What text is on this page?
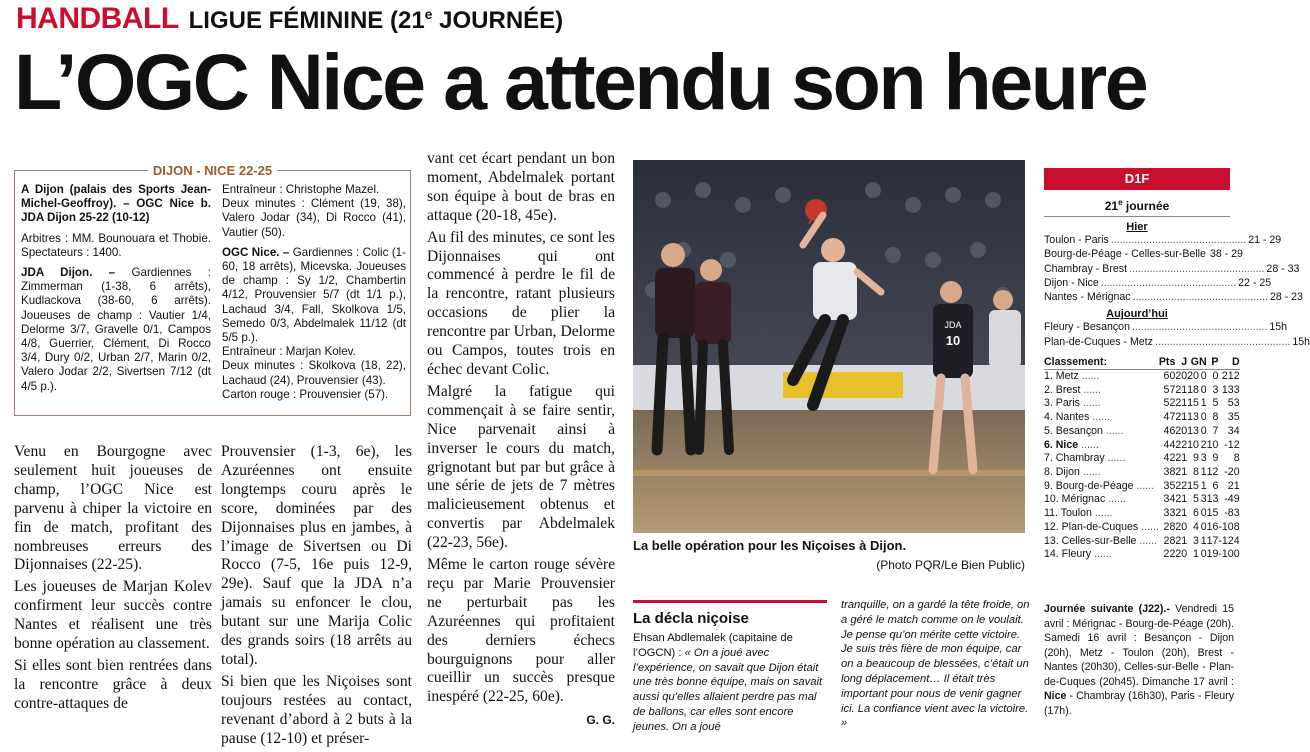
HANDBALL LIGUE FÉMININE (21e JOURNÉE)
L’OGC Nice a attendu son heure
DIJON - NICE 22-25

A Dijon (palais des Sports Jean-Michel-Geoffroy). – OGC Nice b. JDA Dijon 25-22 (10-12)

Arbitres : MM. Bounouara et Thobie. Spectateurs : 1400.

JDA Dijon. – Gardiennes : Zimmerman (1-38, 6 arrêts), Kudlackova (38-60, 6 arrêts). Joueuses de champ : Vautier 1/4, Delorme 3/7, Gravelle 0/1, Campos 4/8, Guerrier, Clément, Di Rocco 3/4, Dury 0/2, Urban 2/7, Marin 0/2, Valero Jodar 2/2, Sivertsen 7/12 (dt 4/5 p.).

Entraîneur : Christophe Mazel.

Deux minutes : Clément (19, 38), Valero Jodar (34), Di Rocco (41), Vautier (50).

OGC Nice. – Gardiennes : Colic (1-60, 18 arrêts), Micevska. Joueuses de champ : Sy 1/2, Chambertin 4/12, Prouvensier 5/7 (dt 1/1 p.), Lachaud 3/4, Fall, Skolkova 1/5, Semedo 0/3, Abdelmalek 11/12 (dt 5/5 p.).

Entraîneur : Marjan Kolev.

Deux minutes : Skolkova (18, 22), Lachaud (24), Prouvensier (43).

Carton rouge : Prouvensier (57).

Venu en Bourgogne avec seulement huit joueuses de champ, l’OGC Nice est parvenu à chiper la victoire en fin de match, profitant des nombreuses erreurs des Dijonnaises (22-25).

Les joueuses de Marjan Kolev confirment leur succès contre Nantes et réalisent une très bonne opération au classement.

Si elles sont bien rentrées dans la rencontre grâce à deux contre-attaques de

Prouvensier (1-3, 6e), les Azuréennes ont ensuite longtemps couru après le score, dominées par des Dijonnaises plus en jambes, à l’image de Sivertsen ou Di Rocco (7-5, 16e puis 12-9, 29e). Sauf que la JDA n’a jamais su enfoncer le clou, butant sur une Marija Colic des grands soirs (18 arrêts au total).

Si bien que les Niçoises sont toujours restées au contact, revenant d’abord à 2 buts à la pause (12-10) et préser-

vant cet écart pendant un bon moment, Abdelmalek portant son équipe à bout de bras en attaque (20-18, 45e).

Au fil des minutes, ce sont les Dijonnaises qui ont commencé à perdre le fil de la rencontre, ratant plusieurs occasions de plier la rencontre par Urban, Delorme ou Campos, toutes trois en échec devant Colic.

Malgré la fatigue qui commençait à se faire sentir, Nice parvenait ainsi à inverser le cours du match, grignotant but par but grâce à une série de jets de 7 mètres malicieusement obtenus et convertis par Abdelmalek (22-23, 56e).

Même le carton rouge sévère reçu par Marie Prouvensier ne perturbait pas les Azuréennes qui profitaient des derniers échecs bourguignons pour aller cueillir un succès presque inespéré (22-25, 60e).

G. G.
JDA
10
La belle opération pour les Niçoises à Dijon.
(Photo PQR/Le Bien Public)
La décla niçoise
Ehsan Abdlemalek (capitaine de l’OGCN) : « On a joué avec l’expérience, on savait que Dijon était une très bonne équipe, mais on savait aussi qu’elles allaient perdre pas mal de ballons, car elles sont encore jeunes. On a joué
tranquille, on a gardé la tête froide, on a géré le match comme on le voulait. Je pense qu’on mérite cette victoire. Je suis très fière de mon équipe, car on a beaucoup de blessées, c’était un long déplacement… Il était très important pour nous de venir gagner ici. La confiance vient avec la victoire. »
D1F
21e journée
Hier
Toulon - Paris .............................................. 21 - 29
Bourg-de-Péage - Celles-sur-Belle 38 - 29
Chambray - Brest .............................................. 28 - 33
Dijon - Nice .............................................. 22 - 25
Nantes - Mérignac .............................................. 28 - 23
Aujourd’hui
Fleury - Besançon .............................................. 15h
Plan-de-Cuques - Metz .............................................. 15h
Classement:	Pts	J	G	N	P	D
1. Metz ......	60	20	20	0	0	212
2. Brest ......	57	21	18	0	3	133
3. Paris ......	52	21	15	1	5	53
4. Nantes ......	47	21	13	0	8	35
5. Besançon ......	46	20	13	0	7	34
6. Nice ......	44	22	10	2	10	-12
7. Chambray ......	42	21	9	3	9	8
8. Dijon ......	38	21	8	1	12	-20
9. Bourg-de-Péage ......	35	22	15	1	6	21
10. Mérignac ......	34	21	5	3	13	-49
11. Toulon ......	33	21	6	0	15	-83
12. Plan-de-Cuques ......	28	20	4	0	16	-108
13. Celles-sur-Belle ......	28	21	3	1	17	-124
14. Fleury ......	22	20	1	0	19	-100
Journée suivante (J22).- Vendredi 15 avril : Mérignac - Bourg-de-Péage (20h). Samedi 16 avril : Besançon - Dijon (20h), Metz - Toulon (20h), Brest - Nantes (20h30), Celles-sur-Belle - Plan-de-Cuques (20h45). Dimanche 17 avril : Nice - Chambray (16h30), Paris - Fleury (17h).
